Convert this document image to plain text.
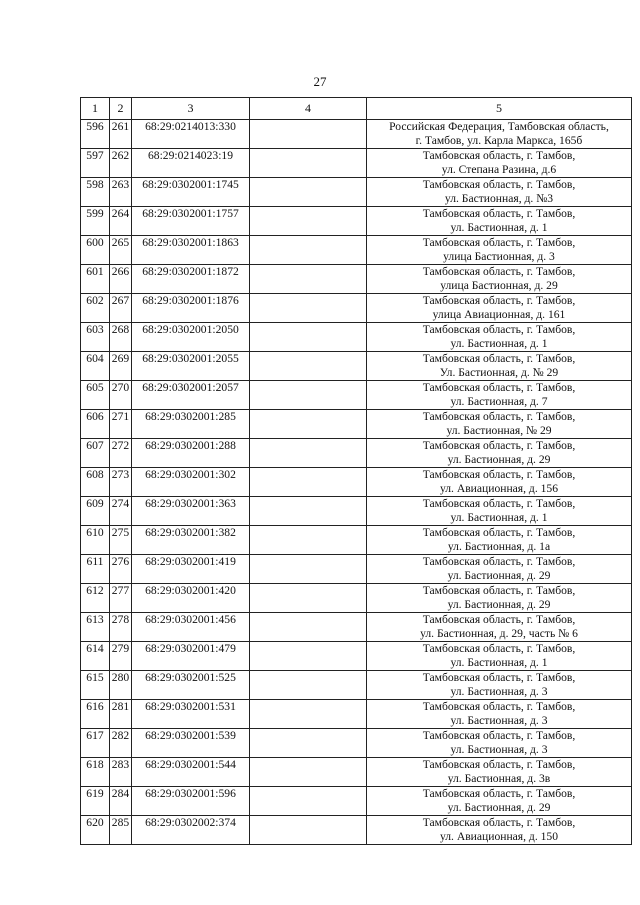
27
1	2	3	4	5
596	261	68:29:0214013:330		Российская Федерация, Тамбовская область,
г. Тамбов, ул. Карла Маркса, 165б

597	262	68:29:0214023:19		Тамбовская область, г. Тамбов,
ул. Степана Разина, д.6

598	263	68:29:0302001:1745		Тамбовская область, г. Тамбов,
ул. Бастионная, д. №3

599	264	68:29:0302001:1757		Тамбовская область, г. Тамбов,
ул. Бастионная, д. 1

600	265	68:29:0302001:1863		Тамбовская область, г. Тамбов,
улица Бастионная, д. 3

601	266	68:29:0302001:1872		Тамбовская область, г. Тамбов,
улица Бастионная, д. 29

602	267	68:29:0302001:1876		Тамбовская область, г. Тамбов,
улица Авиационная, д. 161

603	268	68:29:0302001:2050		Тамбовская область, г. Тамбов,
ул. Бастионная, д. 1

604	269	68:29:0302001:2055		Тамбовская область, г. Тамбов,
Ул. Бастионная, д. № 29

605	270	68:29:0302001:2057		Тамбовская область, г. Тамбов,
ул. Бастионная, д. 7

606	271	68:29:0302001:285		Тамбовская область, г. Тамбов,
ул. Бастионная, № 29

607	272	68:29:0302001:288		Тамбовская область, г. Тамбов,
ул. Бастионная, д. 29

608	273	68:29:0302001:302		Тамбовская область, г. Тамбов,
ул. Авиационная, д. 156

609	274	68:29:0302001:363		Тамбовская область, г. Тамбов,
ул. Бастионная, д. 1

610	275	68:29:0302001:382		Тамбовская область, г. Тамбов,
ул. Бастионная, д. 1а

611	276	68:29:0302001:419		Тамбовская область, г. Тамбов,
ул. Бастионная, д. 29

612	277	68:29:0302001:420		Тамбовская область, г. Тамбов,
ул. Бастионная, д. 29

613	278	68:29:0302001:456		Тамбовская область, г. Тамбов,
ул. Бастионная, д. 29, часть № 6

614	279	68:29:0302001:479		Тамбовская область, г. Тамбов,
ул. Бастионная, д. 1

615	280	68:29:0302001:525		Тамбовская область, г. Тамбов,
ул. Бастионная, д. 3

616	281	68:29:0302001:531		Тамбовская область, г. Тамбов,
ул. Бастионная, д. 3

617	282	68:29:0302001:539		Тамбовская область, г. Тамбов,
ул. Бастионная, д. 3

618	283	68:29:0302001:544		Тамбовская область, г. Тамбов,
ул. Бастионная, д. 3в

619	284	68:29:0302001:596		Тамбовская область, г. Тамбов,
ул. Бастионная, д. 29

620	285	68:29:0302002:374		Тамбовская область, г. Тамбов,
ул. Авиационная, д. 150
